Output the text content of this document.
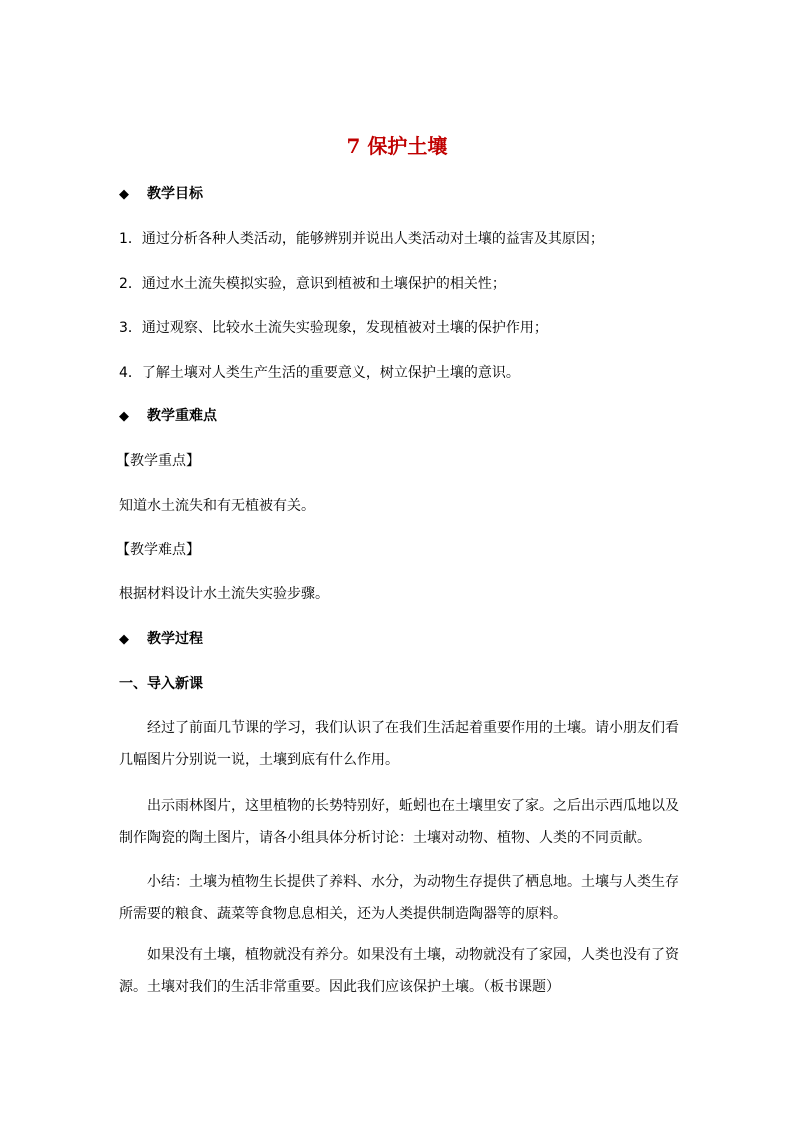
7 保护土壤
◆ 教学目标
1．通过分析各种人类活动，能够辨别并说出人类活动对土壤的益害及其原因；
2．通过水土流失模拟实验，意识到植被和土壤保护的相关性；
3．通过观察、比较水土流失实验现象，发现植被对土壤的保护作用；
4．了解土壤对人类生产生活的重要意义，树立保护土壤的意识。
◆ 教学重难点
【教学重点】
知道水土流失和有无植被有关。
【教学难点】
根据材料设计水土流失实验步骤。
◆ 教学过程
一、导入新课
经过了前面几节课的学习，我们认识了在我们生活起着重要作用的土壤。请小朋友们看几幅图片分别说一说，土壤到底有什么作用。
出示雨林图片，这里植物的长势特别好，蚯蚓也在土壤里安了家。之后出示西瓜地以及制作陶瓷的陶土图片，请各小组具体分析讨论：土壤对动物、植物、人类的不同贡献。
小结：土壤为植物生长提供了养料、水分，为动物生存提供了栖息地。土壤与人类生存所需要的粮食、蔬菜等食物息息相关，还为人类提供制造陶器等的原料。
如果没有土壤，植物就没有养分。如果没有土壤，动物就没有了家园，人类也没有了资源。土壤对我们的生活非常重要。因此我们应该保护土壤。（板书课题）
